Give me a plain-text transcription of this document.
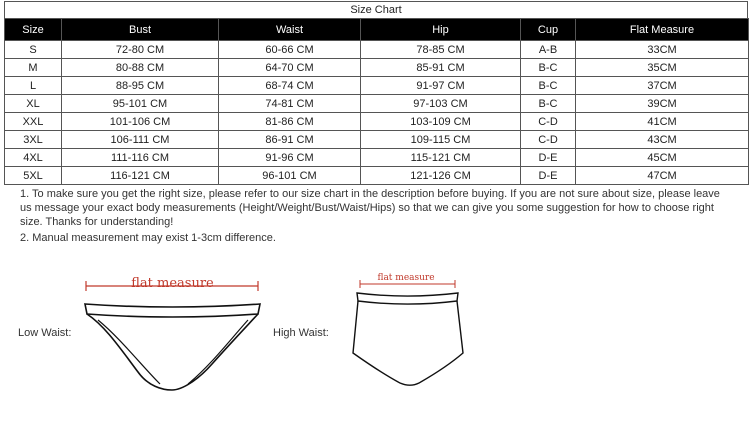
Size Chart
Size	Bust	Waist	Hip	Cup	Flat Measure
S	72-80 CM	60-66 CM	78-85 CM	A-B	33CM
M	80-88 CM	64-70 CM	85-91 CM	B-C	35CM
L	88-95 CM	68-74 CM	91-97 CM	B-C	37CM
XL	95-101 CM	74-81 CM	97-103 CM	B-C	39CM
XXL	101-106 CM	81-86 CM	103-109 CM	C-D	41CM
3XL	106-111 CM	86-91 CM	109-115 CM	C-D	43CM
4XL	111-116 CM	91-96 CM	115-121 CM	D-E	45CM
5XL	116-121 CM	96-101 CM	121-126 CM	D-E	47CM

1. To make sure you get the right size, please refer to our size chart in the description before buying. If you are not sure about size, please leave us message your exact body measurements (Height/Weight/Bust/Waist/Hips) so that we can give you some suggestion for how to choose right size. Thanks for understanding!

2. Manual measurement may exist 1-3cm difference.
Low Waist:	High Waist:
flat measure	flat measure
